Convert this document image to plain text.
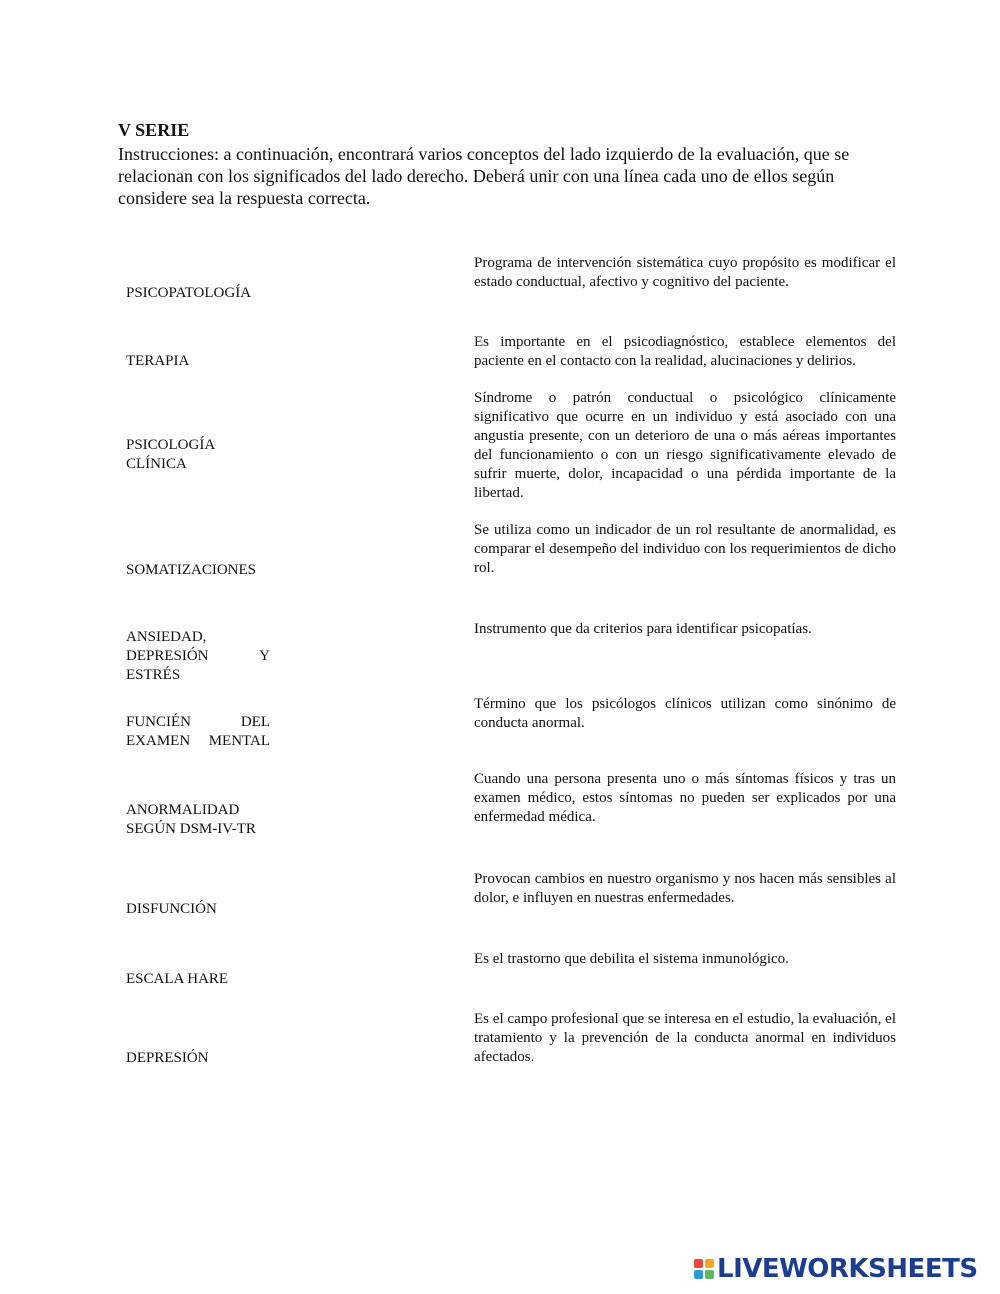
V SERIE
Instrucciones: a continuación, encontrará varios conceptos del lado izquierdo de la evaluación, que se relacionan con los significados del lado derecho. Deberá unir con una línea cada uno de ellos según considere sea la respuesta correcta.
PSICOPATOLOGÍA
TERAPIA
PSICOLOGÍA CLÍNICA
SOMATIZACIONES
ANSIEDAD, DEPRESIÓN Y ESTRÉS
FUNCIÉN DEL EXAMEN MENTAL
ANORMALIDAD SEGÚN DSM-IV-TR
DISFUNCIÓN
ESCALA HARE
DEPRESIÓN
Programa de intervención sistemática cuyo propósito es modificar el estado conductual, afectivo y cognitivo del paciente.
Es importante en el psicodiagnóstico, establece elementos del paciente en el contacto con la realidad, alucinaciones y delirios.
Síndrome o patrón conductual o psicológico clínicamente significativo que ocurre en un individuo y está asociado con una angustia presente, con un deterioro de una o más aéreas importantes del funcionamiento o con un riesgo significativamente elevado de sufrir muerte, dolor, incapacidad o una pérdida importante de la libertad.
Se utiliza como un indicador de un rol resultante de anormalidad, es comparar el desempeño del individuo con los requerimientos de dicho rol.
Instrumento que da criterios para identificar psicopatías.
Término que los psicólogos clínicos utilizan como sinónimo de conducta anormal.
Cuando una persona presenta uno o más síntomas físicos y tras un examen médico, estos síntomas no pueden ser explicados por una enfermedad médica.
Provocan cambios en nuestro organismo y nos hacen más sensibles al dolor, e influyen en nuestras enfermedades.
Es el trastorno que debilita el sistema inmunológico.
Es el campo profesional que se interesa en el estudio, la evaluación, el tratamiento y la prevención de la conducta anormal en individuos afectados.
LIVEWORKSHEETS
